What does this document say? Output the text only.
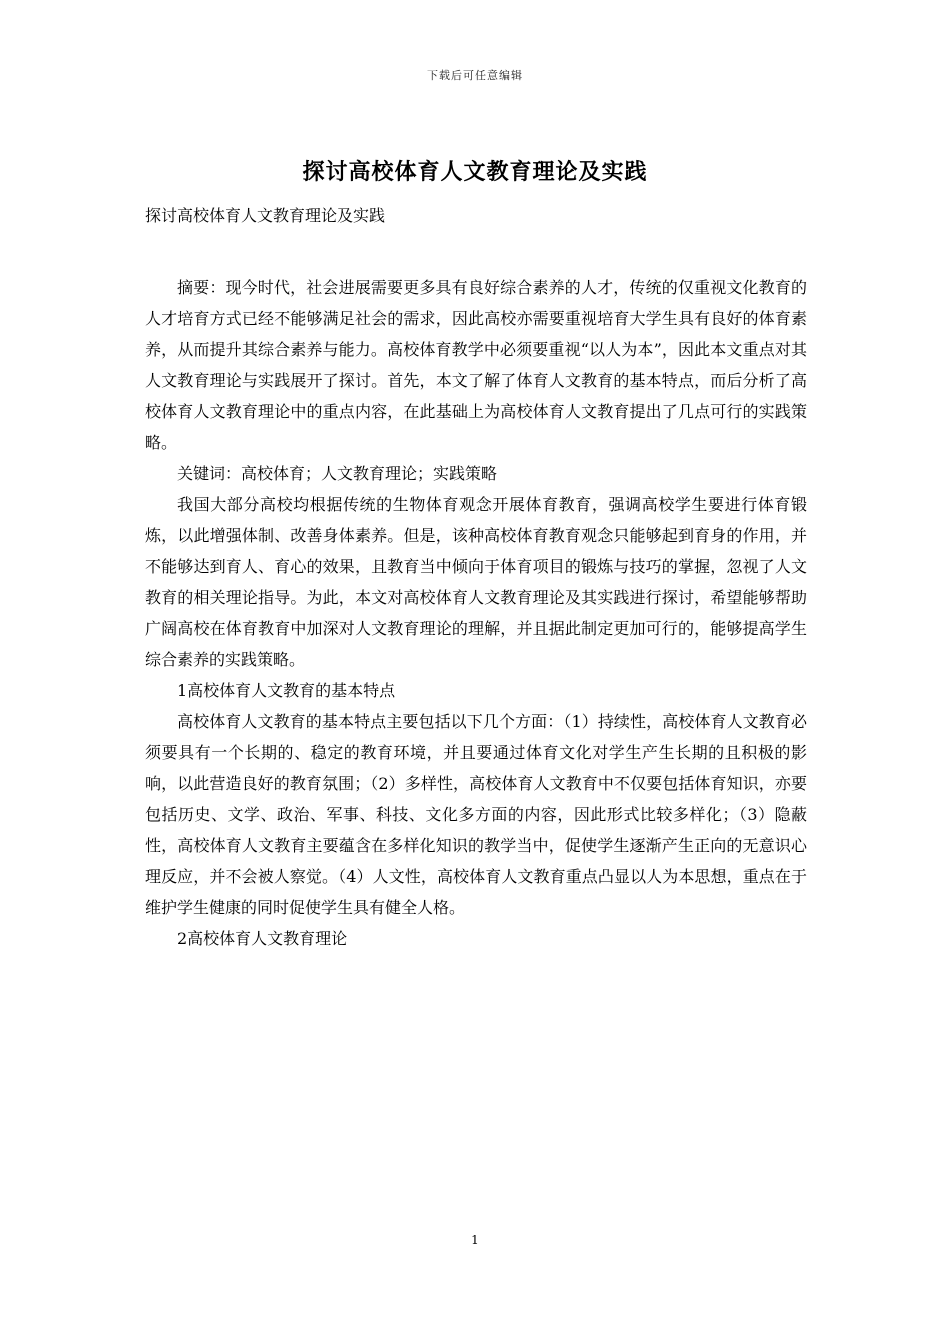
下载后可任意编辑
探讨高校体育人文教育理论及实践
探讨高校体育人文教育理论及实践

摘要：现今时代，社会进展需要更多具有良好综合素养的人才，传统的仅重视文化教育的人才培育方式已经不能够满足社会的需求，因此高校亦需要重视培育大学生具有良好的体育素养，从而提升其综合素养与能力。高校体育教学中必须要重视“以人为本”，因此本文重点对其人文教育理论与实践展开了探讨。首先，本文了解了体育人文教育的基本特点，而后分析了高校体育人文教育理论中的重点内容，在此基础上为高校体育人文教育提出了几点可行的实践策略。

关键词：高校体育；人文教育理论；实践策略

我国大部分高校均根据传统的生物体育观念开展体育教育，强调高校学生要进行体育锻炼，以此增强体制、改善身体素养。但是，该种高校体育教育观念只能够起到育身的作用，并不能够达到育人、育心的效果，且教育当中倾向于体育项目的锻炼与技巧的掌握，忽视了人文教育的相关理论指导。为此，本文对高校体育人文教育理论及其实践进行探讨，希望能够帮助广阔高校在体育教育中加深对人文教育理论的理解，并且据此制定更加可行的，能够提高学生综合素养的实践策略。

1高校体育人文教育的基本特点

高校体育人文教育的基本特点主要包括以下几个方面：（1）持续性，高校体育人文教育必须要具有一个长期的、稳定的教育环境，并且要通过体育文化对学生产生长期的且积极的影响，以此营造良好的教育氛围；（2）多样性，高校体育人文教育中不仅要包括体育知识，亦要包括历史、文学、政治、军事、科技、文化多方面的内容，因此形式比较多样化；（3）隐蔽性，高校体育人文教育主要蕴含在多样化知识的教学当中，促使学生逐渐产生正向的无意识心理反应，并不会被人察觉。（4）人文性，高校体育人文教育重点凸显以人为本思想，重点在于维护学生健康的同时促使学生具有健全人格。

2高校体育人文教育理论

1
